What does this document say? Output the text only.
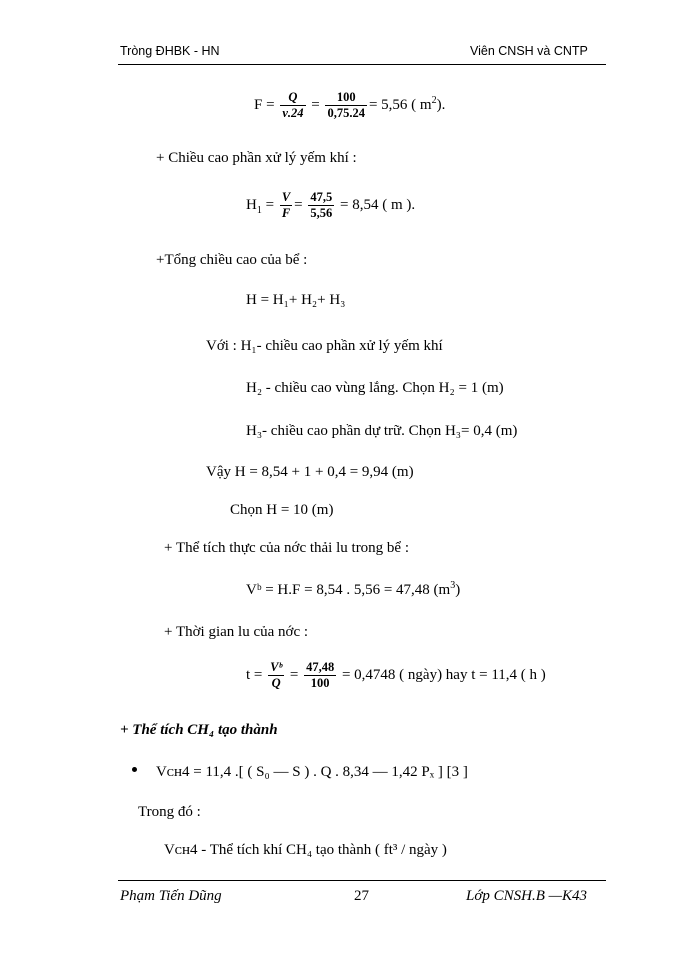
Tròng ĐHBK - HN	Viên CNSH và CNTP
$F = \frac{Q}{\nu.24} = \frac{100}{0,75.24} = 5,56$ ( $m^2$).
+ Chiều cao phần xử lý yếm khí :
$H_1 = \frac{V}{F} = \frac{47,5}{5,56} = 8,54$ ( m ).
+Tổng chiều cao của bể :
H = H₁+ H₂+ H₃
Với : H₁- chiều cao phần xử lý yếm khí
H₂ - chiều cao vùng lắng. Chọn H₂ = 1 (m)
H₃- chiều cao phần dự trữ. Chọn H₃= 0,4 (m)
Vậy H = 8,54 + 1 + 0,4 = 9,94 (m)
Chọn H = 10 (m)
+ Thể tích thực của nớc thải lu trong bể :
Vᵇ = H.F = 8,54 . 5,56 = 47,48 $(m^3)$
+ Thời gian lu của nớc :
$t = \frac{\text{Vᵇ}}{Q} = \frac{47,48}{100} = 0,4748$ ( ngày) hay t = 11,4 ( h )
+ Thể tích CH₄ tạo thành
Vᴄʜ4 = 11,4 .[ ( S₀ — S ) . Q . 8,34 — 1,42 Pₓ ] [3 ]
Trong đó :
Vᴄʜ4 - Thể tích khí CH₄ tạo thành ( ft³ / ngày )
Phạm Tiến Dũng	27	Lớp CNSH.B —K43
